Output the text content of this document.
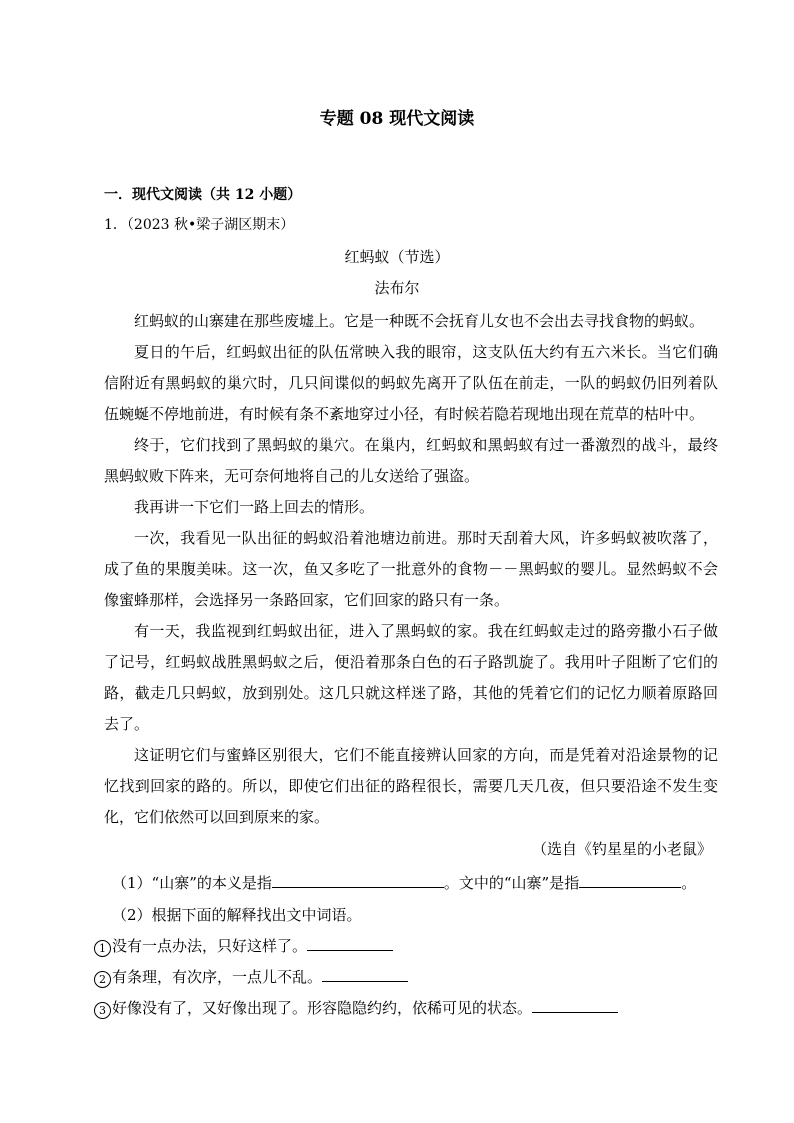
专题 08 现代文阅读
一．现代文阅读（共 12 小题）
1．（2023 秋•梁子湖区期末）
红蚂蚁（节选）
法布尔

红蚂蚁的山寨建在那些废墟上。它是一种既不会抚育儿女也不会出去寻找食物的蚂蚁。

夏日的午后，红蚂蚁出征的队伍常映入我的眼帘，这支队伍大约有五六米长。当它们确信附近有黑蚂蚁的巢穴时，几只间谍似的蚂蚁先离开了队伍在前走，一队的蚂蚁仍旧列着队伍蜿蜒不停地前进，有时候有条不紊地穿过小径，有时候若隐若现地出现在荒草的枯叶中。

终于，它们找到了黑蚂蚁的巢穴。在巢内，红蚂蚁和黑蚂蚁有过一番激烈的战斗，最终黑蚂蚁败下阵来，无可奈何地将自己的儿女送给了强盗。

我再讲一下它们一路上回去的情形。

一次，我看见一队出征的蚂蚁沿着池塘边前进。那时天刮着大风，许多蚂蚁被吹落了，成了鱼的果腹美味。这一次，鱼又多吃了一批意外的食物－－黑蚂蚁的婴儿。显然蚂蚁不会像蜜蜂那样，会选择另一条路回家，它们回家的路只有一条。

有一天，我监视到红蚂蚁出征，进入了黑蚂蚁的家。我在红蚂蚁走过的路旁撒小石子做了记号，红蚂蚁战胜黑蚂蚁之后，便沿着那条白色的石子路凯旋了。我用叶子阻断了它们的路，截走几只蚂蚁，放到别处。这几只就这样迷了路，其他的凭着它们的记忆力顺着原路回去了。

这证明它们与蜜蜂区别很大，它们不能直接辨认回家的方向，而是凭着对沿途景物的记忆找到回家的路的。所以，即使它们出征的路程很长，需要几天几夜，但只要沿途不发生变化，它们依然可以回到原来的家。

（选自《钓星星的小老鼠》
（1）“山寨”的本义是指	。文中的“山寨”是指	。
（2）根据下面的解释找出文中词语。
1 没有一点办法，只好这样了。
2 有条理，有次序，一点儿不乱。
3 好像没有了，又好像出现了。形容隐隐约约，依稀可见的状态。
